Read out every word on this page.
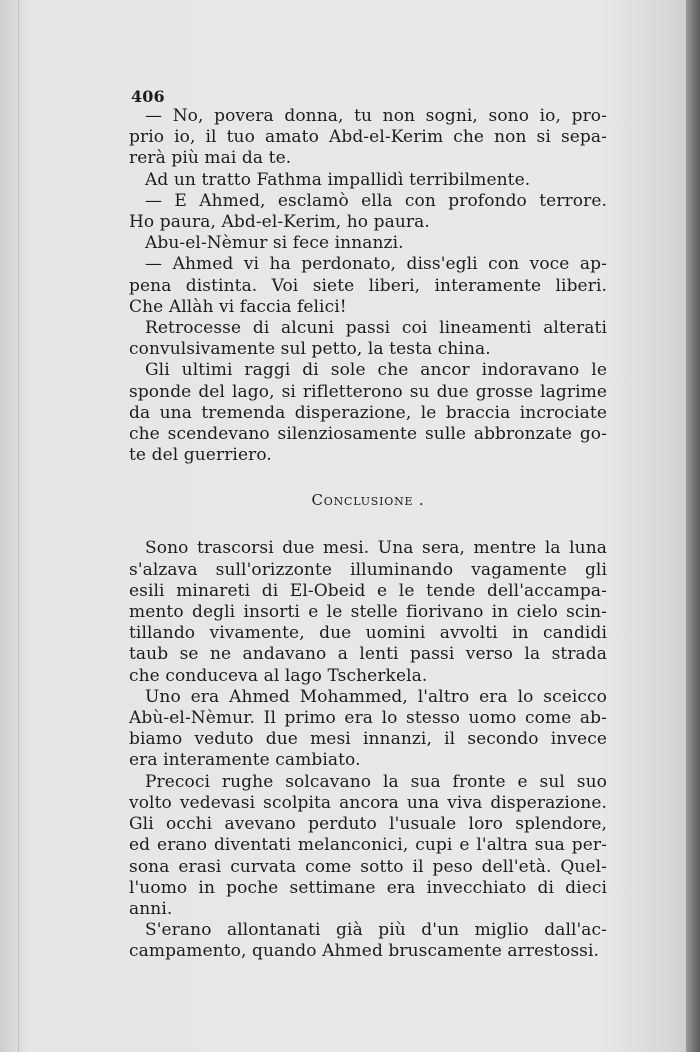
406

— No, povera donna, tu non sogni, sono io, pro-
prio io, il tuo amato Abd-el-Kerim che non si sepa-
rerà più mai da te.

Ad un tratto Fathma impallidì terribilmente.

— E Ahmed, esclamò ella con profondo terrore.
Ho paura, Abd-el-Kerim, ho paura.

Abu-el-Nèmur si fece innanzi.

— Ahmed vi ha perdonato, diss'egli con voce ap-
pena distinta. Voi siete liberi, interamente liberi.
Che Allàh vi faccia felici!

Retrocesse di alcuni passi coi lineamenti alterati
convulsivamente sul petto, la testa china.

Gli ultimi raggi di sole che ancor indoravano le
sponde del lago, si rifletterono su due grosse lagrime
da una tremenda disperazione, le braccia incrociate
che scendevano silenziosamente sulle abbronzate go-
te del guerriero.

Conclusione .

Sono trascorsi due mesi. Una sera, mentre la luna
s'alzava sull'orizzonte illuminando vagamente gli
esili minareti di El-Obeid e le tende dell'accampa-
mento degli insorti e le stelle fiorivano in cielo scin-
tillando vivamente, due uomini avvolti in candidi
taub se ne andavano a lenti passi verso la strada
che conduceva al lago Tscherkela.

Uno era Ahmed Mohammed, l'altro era lo sceicco
Abù-el-Nèmur. Il primo era lo stesso uomo come ab-
biamo veduto due mesi innanzi, il secondo invece
era interamente cambiato.

Precoci rughe solcavano la sua fronte e sul suo
volto vedevasi scolpita ancora una viva disperazione.
Gli occhi avevano perduto l'usuale loro splendore,
ed erano diventati melanconici, cupi e l'altra sua per-
sona erasi curvata come sotto il peso dell'età. Quel-
l'uomo in poche settimane era invecchiato di dieci
anni.

S'erano allontanati già più d'un miglio dall'ac-
campamento, quando Ahmed bruscamente arrestossi.
